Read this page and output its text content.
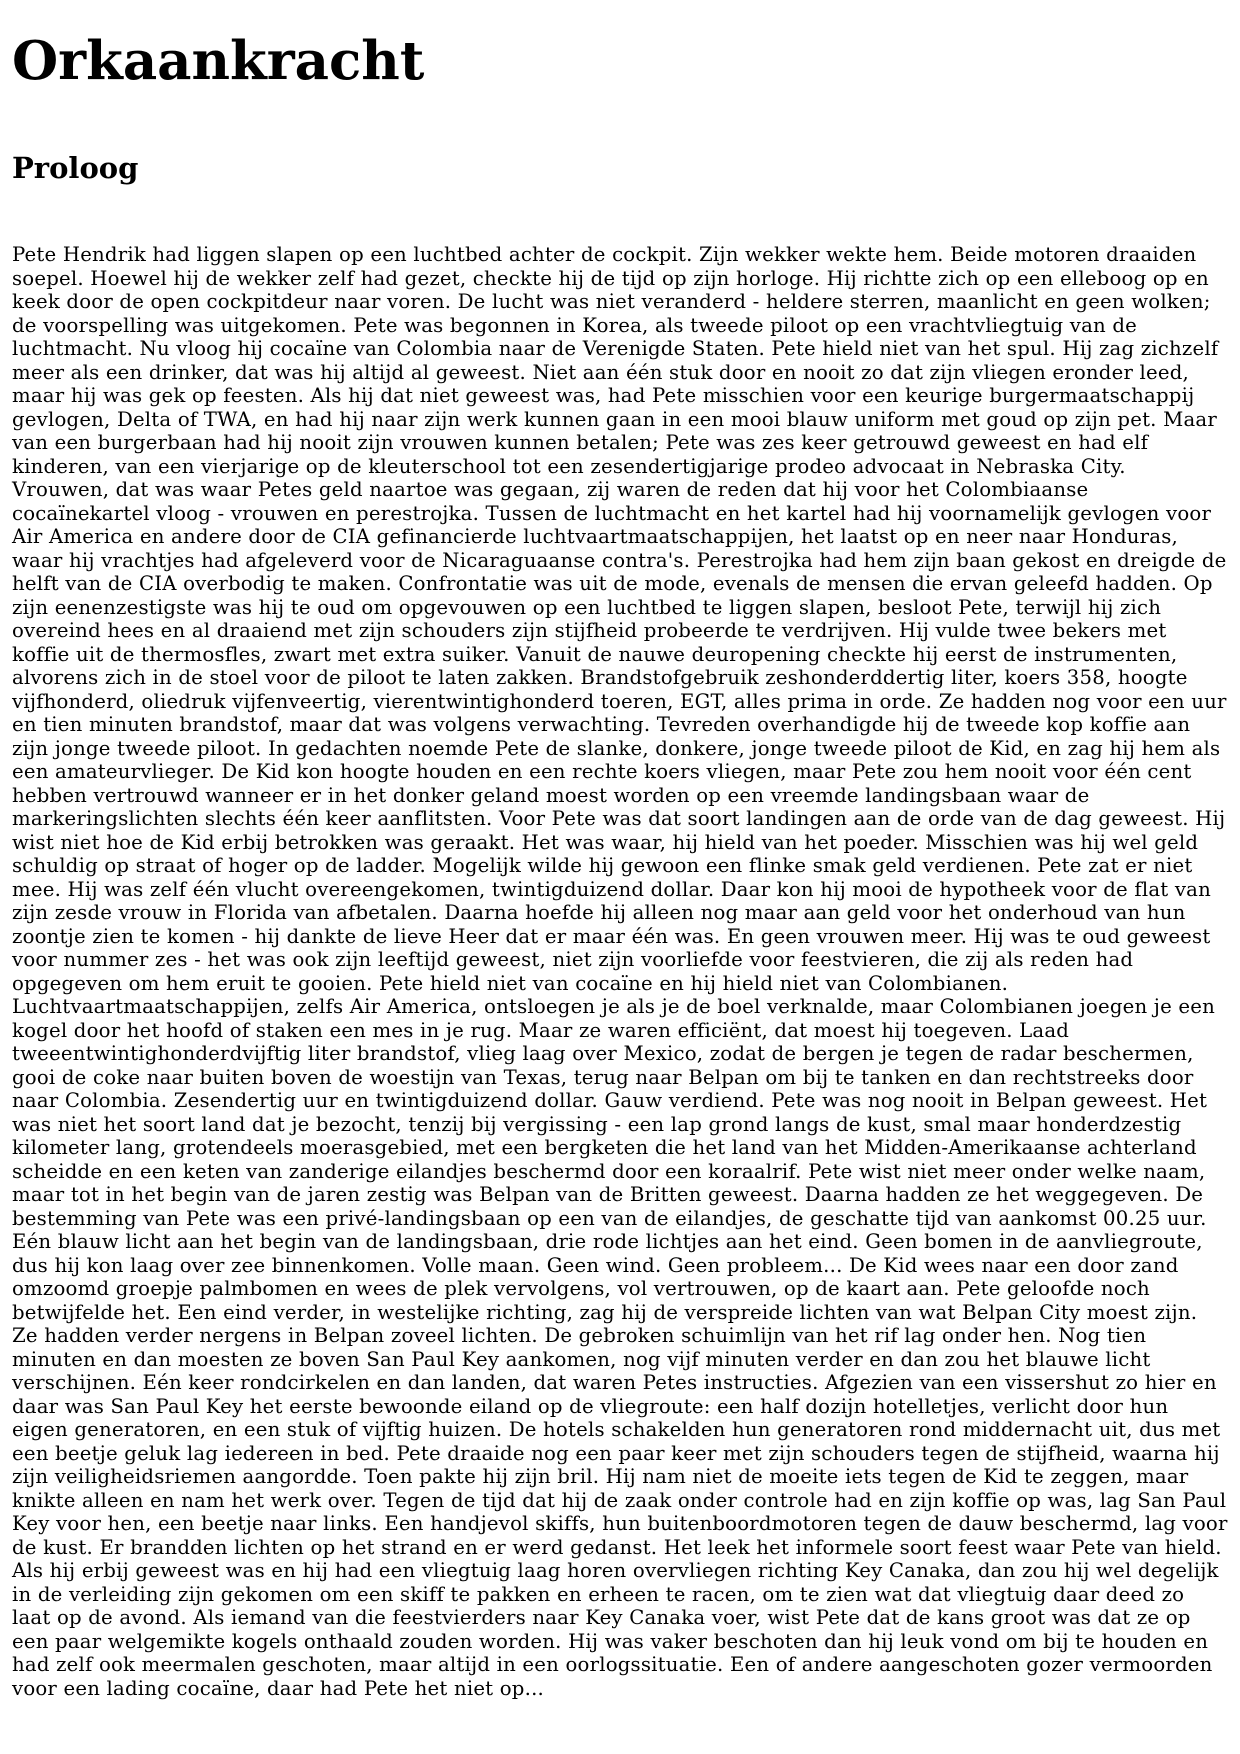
Orkaankracht
Proloog

Pete Hendrik had liggen slapen op een luchtbed achter de cockpit. Zijn wekker wekte hem. Beide motoren draaiden soepel. Hoewel hij de wekker zelf had gezet, checkte hij de tijd op zijn horloge. Hij richtte zich op een elleboog op en keek door de open cockpitdeur naar voren. De lucht was niet veranderd - heldere sterren, maanlicht en geen wolken; de voorspelling was uitgekomen. Pete was begonnen in Korea, als tweede piloot op een vrachtvliegtuig van de luchtmacht. Nu vloog hij cocaïne van Colombia naar de Verenigde Staten. Pete hield niet van het spul. Hij zag zichzelf meer als een drinker, dat was hij altijd al geweest. Niet aan één stuk door en nooit zo dat zijn vliegen eronder leed, maar hij was gek op feesten. Als hij dat niet geweest was, had Pete misschien voor een keurige burgermaatschappij gevlogen, Delta of TWA, en had hij naar zijn werk kunnen gaan in een mooi blauw uniform met goud op zijn pet. Maar van een burgerbaan had hij nooit zijn vrouwen kunnen betalen; Pete was zes keer getrouwd geweest en had elf kinderen, van een vierjarige op de kleuterschool tot een zesendertigjarige prodeo advocaat in Nebraska City. Vrouwen, dat was waar Petes geld naartoe was gegaan, zij waren de reden dat hij voor het Colombiaanse cocaïnekartel vloog - vrouwen en perestrojka. Tussen de luchtmacht en het kartel had hij voornamelijk gevlogen voor Air America en andere door de CIA gefinancierde luchtvaartmaatschappijen, het laatst op en neer naar Honduras, waar hij vrachtjes had afgeleverd voor de Nicaraguaanse contra's. Perestrojka had hem zijn baan gekost en dreigde de helft van de CIA overbodig te maken. Confrontatie was uit de mode, evenals de mensen die ervan geleefd hadden. Op zijn eenenzestigste was hij te oud om opgevouwen op een luchtbed te liggen slapen, besloot Pete, terwijl hij zich overeind hees en al draaiend met zijn schouders zijn stijfheid probeerde te verdrijven. Hij vulde twee bekers met koffie uit de thermosfles, zwart met extra suiker. Vanuit de nauwe deuropening checkte hij eerst de instrumenten, alvorens zich in de stoel voor de piloot te laten zakken. Brandstofgebruik zeshonderddertig liter, koers 358, hoogte vijfhonderd, oliedruk vijfenveertig, vierentwintighonderd toeren, EGT, alles prima in orde. Ze hadden nog voor een uur en tien minuten brandstof, maar dat was volgens verwachting. Tevreden overhandigde hij de tweede kop koffie aan zijn jonge tweede piloot. In gedachten noemde Pete de slanke, donkere, jonge tweede piloot de Kid, en zag hij hem als een amateurvlieger. De Kid kon hoogte houden en een rechte koers vliegen, maar Pete zou hem nooit voor één cent hebben vertrouwd wanneer er in het donker geland moest worden op een vreemde landingsbaan waar de markeringslichten slechts één keer aanflitsten. Voor Pete was dat soort landingen aan de orde van de dag geweest. Hij wist niet hoe de Kid erbij betrokken was geraakt. Het was waar, hij hield van het poeder. Misschien was hij wel geld schuldig op straat of hoger op de ladder. Mogelijk wilde hij gewoon een flinke smak geld verdienen. Pete zat er niet mee. Hij was zelf één vlucht overeengekomen, twintigduizend dollar. Daar kon hij mooi de hypotheek voor de flat van zijn zesde vrouw in Florida van afbetalen. Daarna hoefde hij alleen nog maar aan geld voor het onderhoud van hun zoontje zien te komen - hij dankte de lieve Heer dat er maar één was. En geen vrouwen meer. Hij was te oud geweest voor nummer zes - het was ook zijn leeftijd geweest, niet zijn voorliefde voor feestvieren, die zij als reden had opgegeven om hem eruit te gooien. Pete hield niet van cocaïne en hij hield niet van Colombianen. Luchtvaartmaatschappijen, zelfs Air America, ontsloegen je als je de boel verknalde, maar Colombianen joegen je een kogel door het hoofd of staken een mes in je rug. Maar ze waren efficiënt, dat moest hij toegeven. Laad tweeentwintighonderdvijftig liter brandstof, vlieg laag over Mexico, zodat de bergen je tegen de radar beschermen, gooi de coke naar buiten boven de woestijn van Texas, terug naar Belpan om bij te tanken en dan rechtstreeks door naar Colombia. Zesendertig uur en twintigduizend dollar. Gauw verdiend. Pete was nog nooit in Belpan geweest. Het was niet het soort land dat je bezocht, tenzij bij vergissing - een lap grond langs de kust, smal maar honderdzestig kilometer lang, grotendeels moerasgebied, met een bergketen die het land van het Midden-Amerikaanse achterland scheidde en een keten van zanderige eilandjes beschermd door een koraalrif. Pete wist niet meer onder welke naam, maar tot in het begin van de jaren zestig was Belpan van de Britten geweest. Daarna hadden ze het weggegeven. De bestemming van Pete was een privé-landingsbaan op een van de eilandjes, de geschatte tijd van aankomst 00.25 uur. Eén blauw licht aan het begin van de landingsbaan, drie rode lichtjes aan het eind. Geen bomen in de aanvliegroute, dus hij kon laag over zee binnenkomen. Volle maan. Geen wind. Geen probleem... De Kid wees naar een door zand omzoomd groepje palmbomen en wees de plek vervolgens, vol vertrouwen, op de kaart aan. Pete geloofde noch betwijfelde het. Een eind verder, in westelijke richting, zag hij de verspreide lichten van wat Belpan City moest zijn. Ze hadden verder nergens in Belpan zoveel lichten. De gebroken schuimlijn van het rif lag onder hen. Nog tien minuten en dan moesten ze boven San Paul Key aankomen, nog vijf minuten verder en dan zou het blauwe licht verschijnen. Eén keer rondcirkelen en dan landen, dat waren Petes instructies. Afgezien van een vissershut zo hier en daar was San Paul Key het eerste bewoonde eiland op de vliegroute: een half dozijn hotelletjes, verlicht door hun eigen generatoren, en een stuk of vijftig huizen. De hotels schakelden hun generatoren rond middernacht uit, dus met een beetje geluk lag iedereen in bed. Pete draaide nog een paar keer met zijn schouders tegen de stijfheid, waarna hij zijn veiligheidsriemen aangordde. Toen pakte hij zijn bril. Hij nam niet de moeite iets tegen de Kid te zeggen, maar knikte alleen en nam het werk over. Tegen de tijd dat hij de zaak onder controle had en zijn koffie op was, lag San Paul Key voor hen, een beetje naar links. Een handjevol skiffs, hun buitenboordmotoren tegen de dauw beschermd, lag voor de kust. Er brandden lichten op het strand en er werd gedanst. Het leek het informele soort feest waar Pete van hield. Als hij erbij geweest was en hij had een vliegtuig laag horen overvliegen richting Key Canaka, dan zou hij wel degelijk in de verleiding zijn gekomen om een skiff te pakken en erheen te racen, om te zien wat dat vliegtuig daar deed zo laat op de avond. Als iemand van die feestvierders naar Key Canaka voer, wist Pete dat de kans groot was dat ze op een paar welgemikte kogels onthaald zouden worden. Hij was vaker beschoten dan hij leuk vond om bij te houden en had zelf ook meermalen geschoten, maar altijd in een oorlogssituatie. Een of andere aangeschoten gozer vermoorden voor een lading cocaïne, daar had Pete het niet op...
